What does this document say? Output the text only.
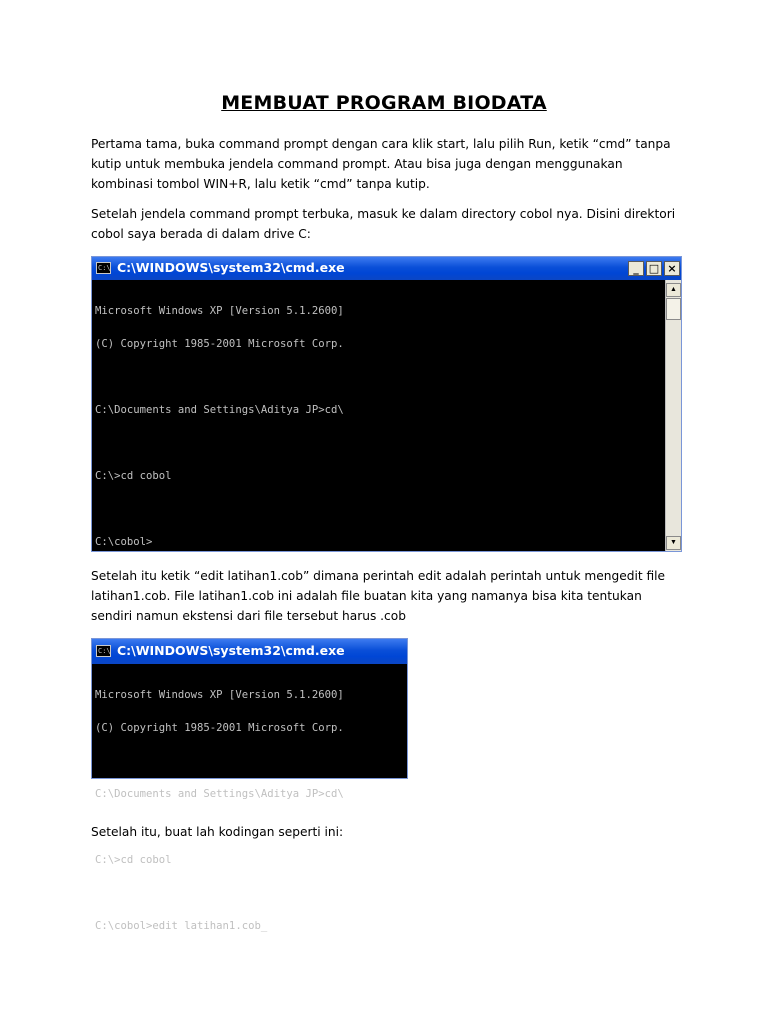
MEMBUAT PROGRAM BIODATA
Pertama tama, buka command prompt dengan cara klik start, lalu pilih Run, ketik “cmd” tanpa kutip untuk membuka jendela command prompt. Atau bisa juga dengan menggunakan kombinasi tombol WIN+R, lalu ketik “cmd” tanpa kutip.
Setelah jendela command prompt terbuka, masuk ke dalam directory cobol nya. Disini direktori cobol saya berada di dalam drive C:
C:\ C:\WINDOWS\system32\cmd.exe	_ □ ×

Microsoft Windows XP [Version 5.1.2600]

(C) Copyright 1985-2001 Microsoft Corp.

C:\Documents and Settings\Aditya JP>cd\

C:\>cd cobol

C:\cobol>

▲
▼
Setelah itu ketik “edit latihan1.cob” dimana perintah edit adalah perintah untuk mengedit file latihan1.cob. File latihan1.cob ini adalah file buatan kita yang namanya bisa kita tentukan sendiri namun ekstensi dari file tersebut harus .cob
C:\ C:\WINDOWS\system32\cmd.exe

Microsoft Windows XP [Version 5.1.2600]

(C) Copyright 1985-2001 Microsoft Corp.

C:\Documents and Settings\Aditya JP>cd\

C:\>cd cobol

C:\cobol>edit latihan1.cob_

Setelah itu, buat lah kodingan seperti ini:
